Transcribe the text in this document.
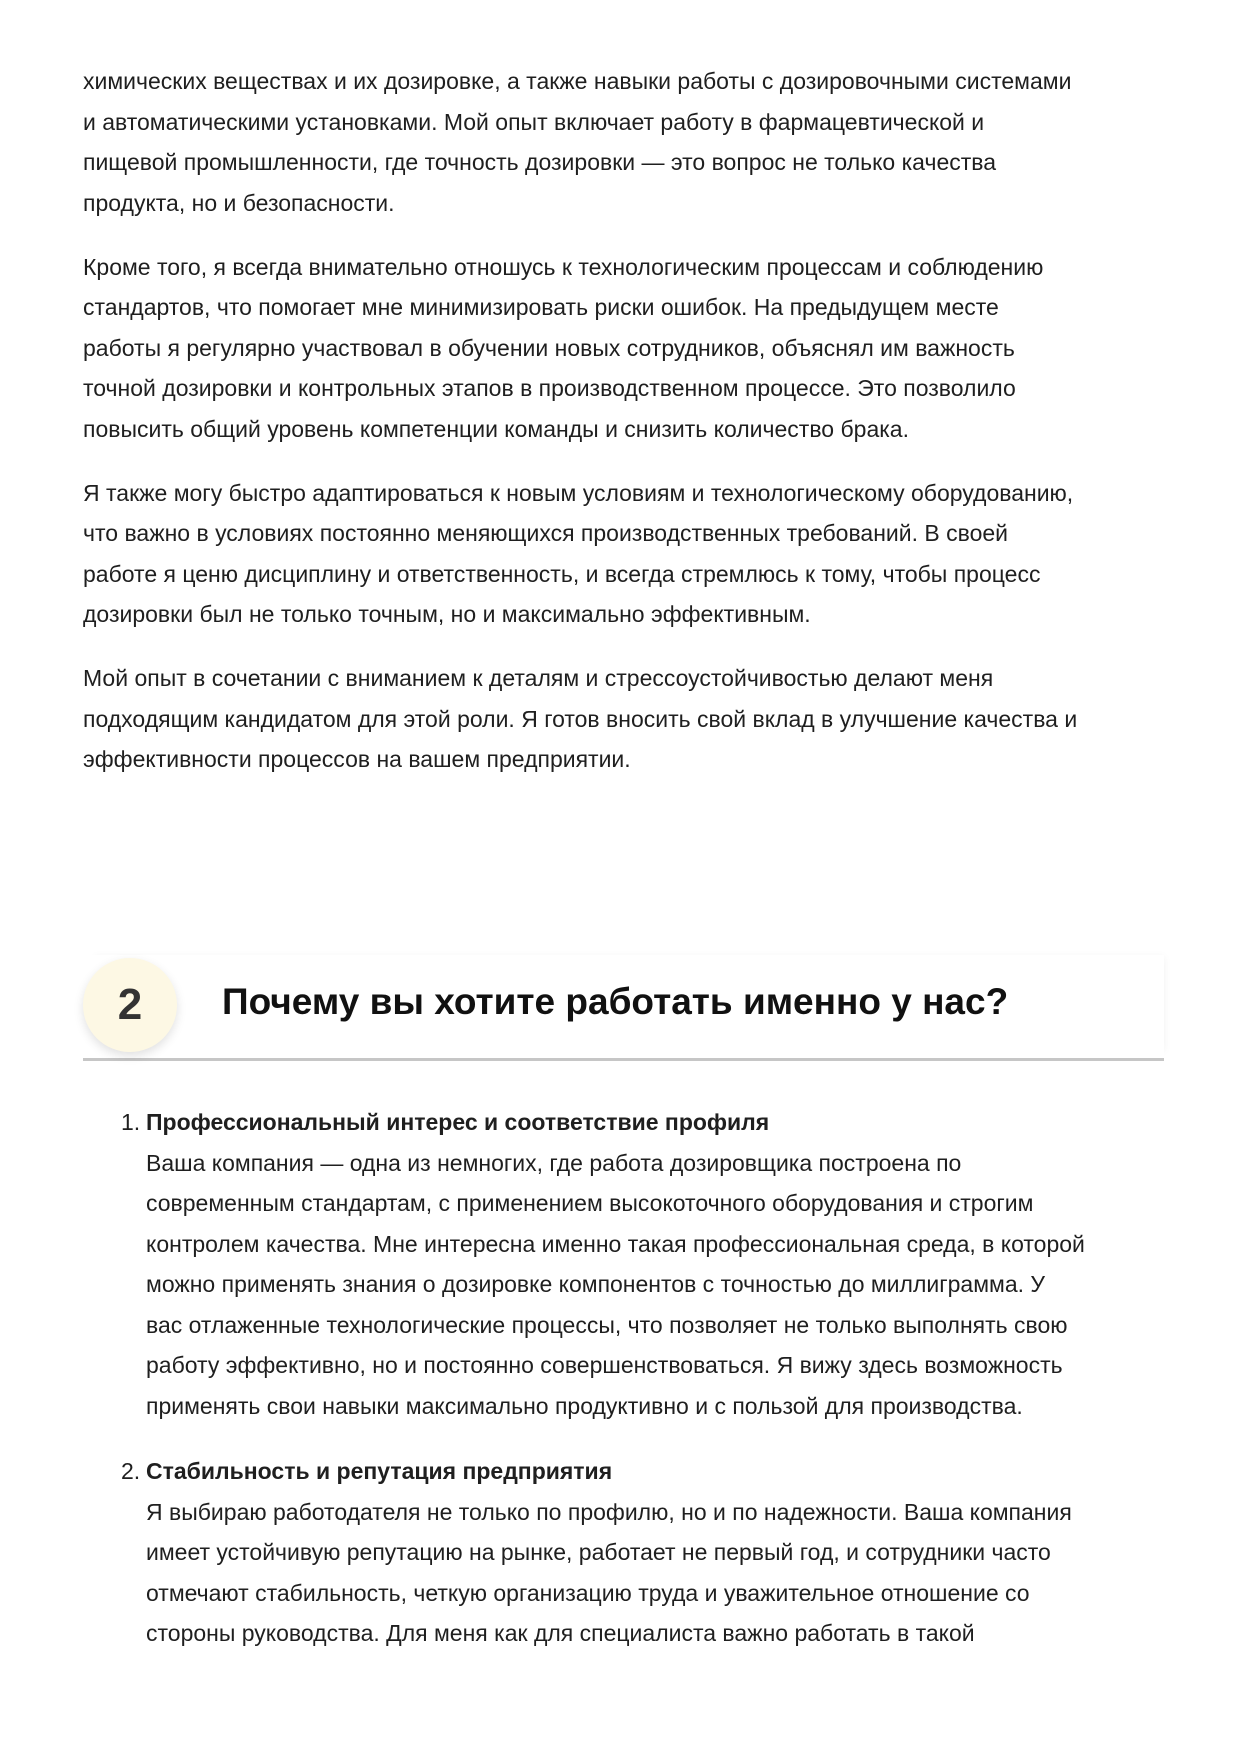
химических веществах и их дозировке, а также навыки работы с дозировочными системами
и автоматическими установками. Мой опыт включает работу в фармацевтической и
пищевой промышленности, где точность дозировки — это вопрос не только качества
продукта, но и безопасности.

Кроме того, я всегда внимательно отношусь к технологическим процессам и соблюдению
стандартов, что помогает мне минимизировать риски ошибок. На предыдущем месте
работы я регулярно участвовал в обучении новых сотрудников, объяснял им важность
точной дозировки и контрольных этапов в производственном процессе. Это позволило
повысить общий уровень компетенции команды и снизить количество брака.

Я также могу быстро адаптироваться к новым условиям и технологическому оборудованию,
что важно в условиях постоянно меняющихся производственных требований. В своей
работе я ценю дисциплину и ответственность, и всегда стремлюсь к тому, чтобы процесс
дозировки был не только точным, но и максимально эффективным.

Мой опыт в сочетании с вниманием к деталям и стрессоустойчивостью делают меня
подходящим кандидатом для этой роли. Я готов вносить свой вклад в улучшение качества и
эффективности процессов на вашем предприятии.

2	Почему вы хотите работать именно у нас?
1. Профессиональный интерес и соответствие профиля
Ваша компания — одна из немногих, где работа дозировщика построена по
современным стандартам, с применением высокоточного оборудования и строгим
контролем качества. Мне интересна именно такая профессиональная среда, в которой
можно применять знания о дозировке компонентов с точностью до миллиграмма. У
вас отлаженные технологические процессы, что позволяет не только выполнять свою
работу эффективно, но и постоянно совершенствоваться. Я вижу здесь возможность
применять свои навыки максимально продуктивно и с пользой для производства.
2. Стабильность и репутация предприятия
Я выбираю работодателя не только по профилю, но и по надежности. Ваша компания
имеет устойчивую репутацию на рынке, работает не первый год, и сотрудники часто
отмечают стабильность, четкую организацию труда и уважительное отношение со
стороны руководства. Для меня как для специалиста важно работать в такой
